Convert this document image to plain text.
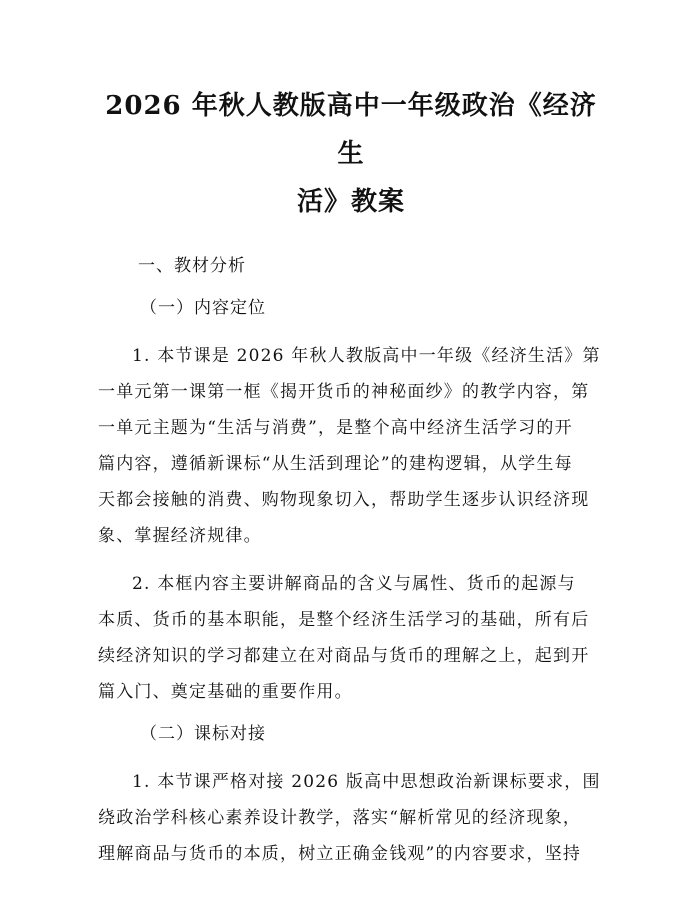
2026 年秋人教版高中一年级政治《经济生
活》教案

一、教材分析

（一）内容定位

1. 本节课是 2026 年秋人教版高中一年级《经济生活》第
一单元第一课第一框《揭开货币的神秘面纱》的教学内容，第
一单元主题为“生活与消费”，是整个高中经济生活学习的开
篇内容，遵循新课标“从生活到理论”的建构逻辑，从学生每
天都会接触的消费、购物现象切入，帮助学生逐步认识经济现
象、掌握经济规律。

2. 本框内容主要讲解商品的含义与属性、货币的起源与
本质、货币的基本职能，是整个经济生活学习的基础，所有后
续经济知识的学习都建立在对商品与货币的理解之上，起到开
篇入门、奠定基础的重要作用。

（二）课标对接

1. 本节课严格对接 2026 版高中思想政治新课标要求，围
绕政治学科核心素养设计教学，落实“解析常见的经济现象，
理解商品与货币的本质，树立正确金钱观”的内容要求，坚持
